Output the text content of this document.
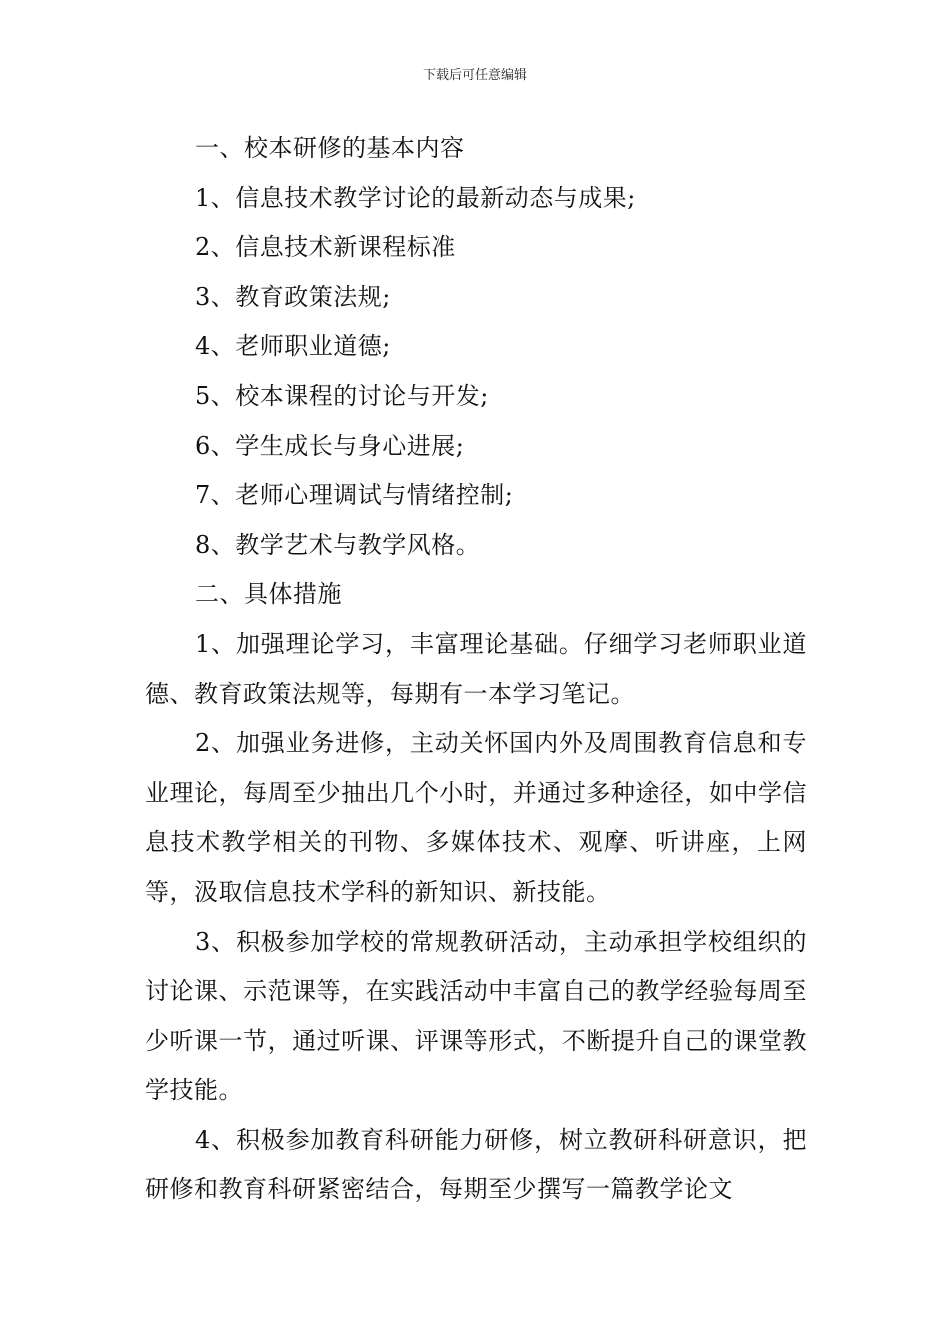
下载后可任意编辑

一、校本研修的基本内容

1、信息技术教学讨论的最新动态与成果;

2、信息技术新课程标准

3、教育政策法规;

4、老师职业道德;

5、校本课程的讨论与开发;

6、学生成长与身心进展;

7、老师心理调试与情绪控制;

8、教学艺术与教学风格。

二、具体措施

1、加强理论学习，丰富理论基础。仔细学习老师职业道德、教育政策法规等，每期有一本学习笔记。

2、加强业务进修，主动关怀国内外及周围教育信息和专业理论，每周至少抽出几个小时，并通过多种途径，如中学信息技术教学相关的刊物、多媒体技术、观摩、听讲座，上网等，汲取信息技术学科的新知识、新技能。

3、积极参加学校的常规教研活动，主动承担学校组织的讨论课、示范课等，在实践活动中丰富自己的教学经验每周至少听课一节，通过听课、评课等形式，不断提升自己的课堂教学技能。

4、积极参加教育科研能力研修，树立教研科研意识，把研修和教育科研紧密结合，每期至少撰写一篇教学论文
